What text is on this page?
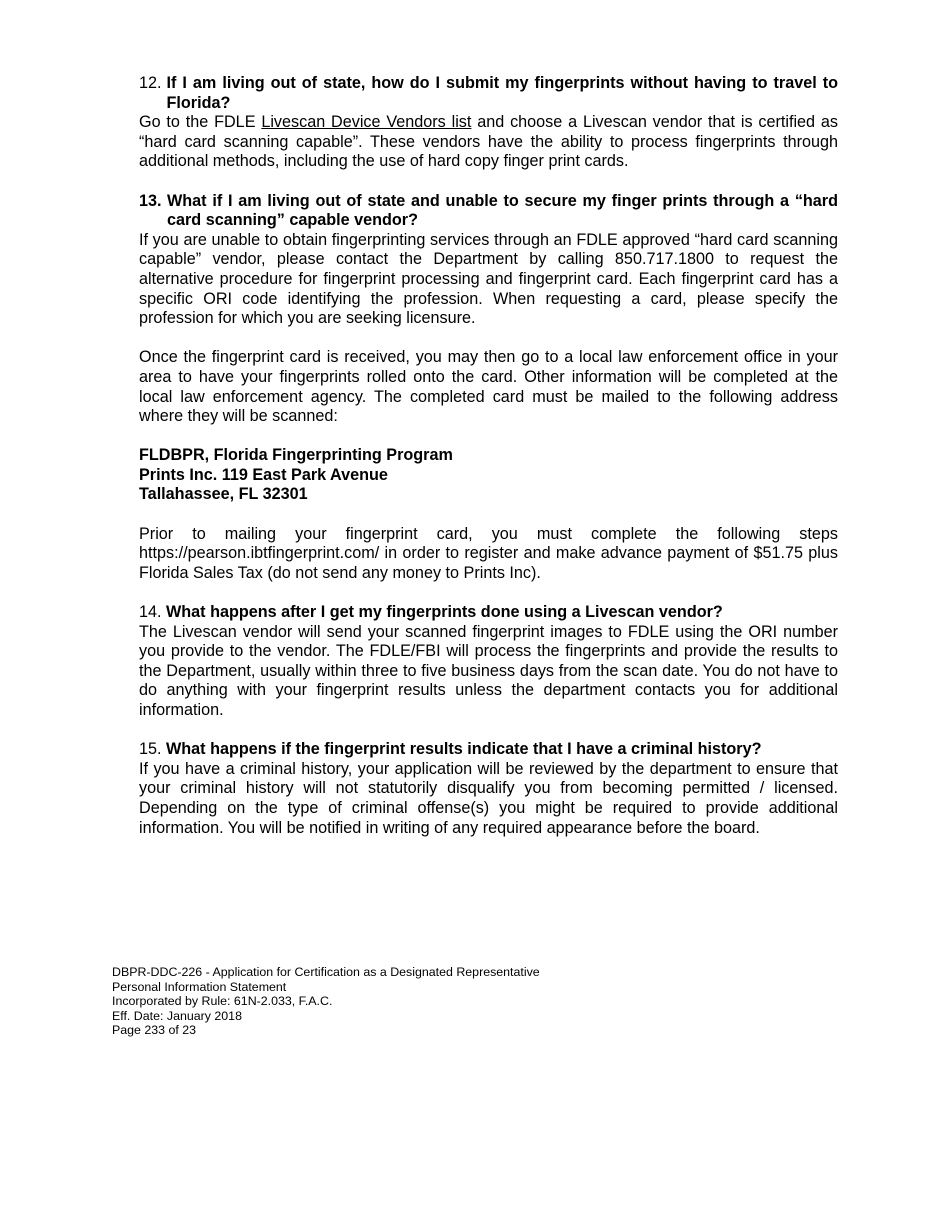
12. If I am living out of state, how do I submit my fingerprints without having to travel to Florida?

Go to the FDLE Livescan Device Vendors list and choose a Livescan vendor that is certified as “hard card scanning capable”. These vendors have the ability to process fingerprints through additional methods, including the use of hard copy finger print cards.

13. What if I am living out of state and unable to secure my finger prints through a “hard card scanning” capable vendor?

If you are unable to obtain fingerprinting services through an FDLE approved “hard card scanning capable” vendor, please contact the Department by calling 850.717.1800 to request the alternative procedure for fingerprint processing and fingerprint card. Each fingerprint card has a specific ORI code identifying the profession. When requesting a card, please specify the profession for which you are seeking licensure.

Once the fingerprint card is received, you may then go to a local law enforcement office in your area to have your fingerprints rolled onto the card. Other information will be completed at the local law enforcement agency. The completed card must be mailed to the following address where they will be scanned:

FLDBPR, Florida Fingerprinting Program
Prints Inc. 119 East Park Avenue
Tallahassee, FL 32301

Prior to mailing your fingerprint card, you must complete the following steps https://pearson.ibtfingerprint.com/ in order to register and make advance payment of $51.75 plus Florida Sales Tax (do not send any money to Prints Inc).

14. What happens after I get my fingerprints done using a Livescan vendor?

The Livescan vendor will send your scanned fingerprint images to FDLE using the ORI number you provide to the vendor. The FDLE/FBI will process the fingerprints and provide the results to the Department, usually within three to five business days from the scan date. You do not have to do anything with your fingerprint results unless the department contacts you for additional information.

15. What happens if the fingerprint results indicate that I have a criminal history?

If you have a criminal history, your application will be reviewed by the department to ensure that your criminal history will not statutorily disqualify you from becoming permitted / licensed. Depending on the type of criminal offense(s) you might be required to provide additional information. You will be notified in writing of any required appearance before the board.

DBPR-DDC-226 - Application for Certification as a Designated Representative
Personal Information Statement
Incorporated by Rule: 61N-2.033, F.A.C.
Eff. Date: January 2018
Page 233 of 23
